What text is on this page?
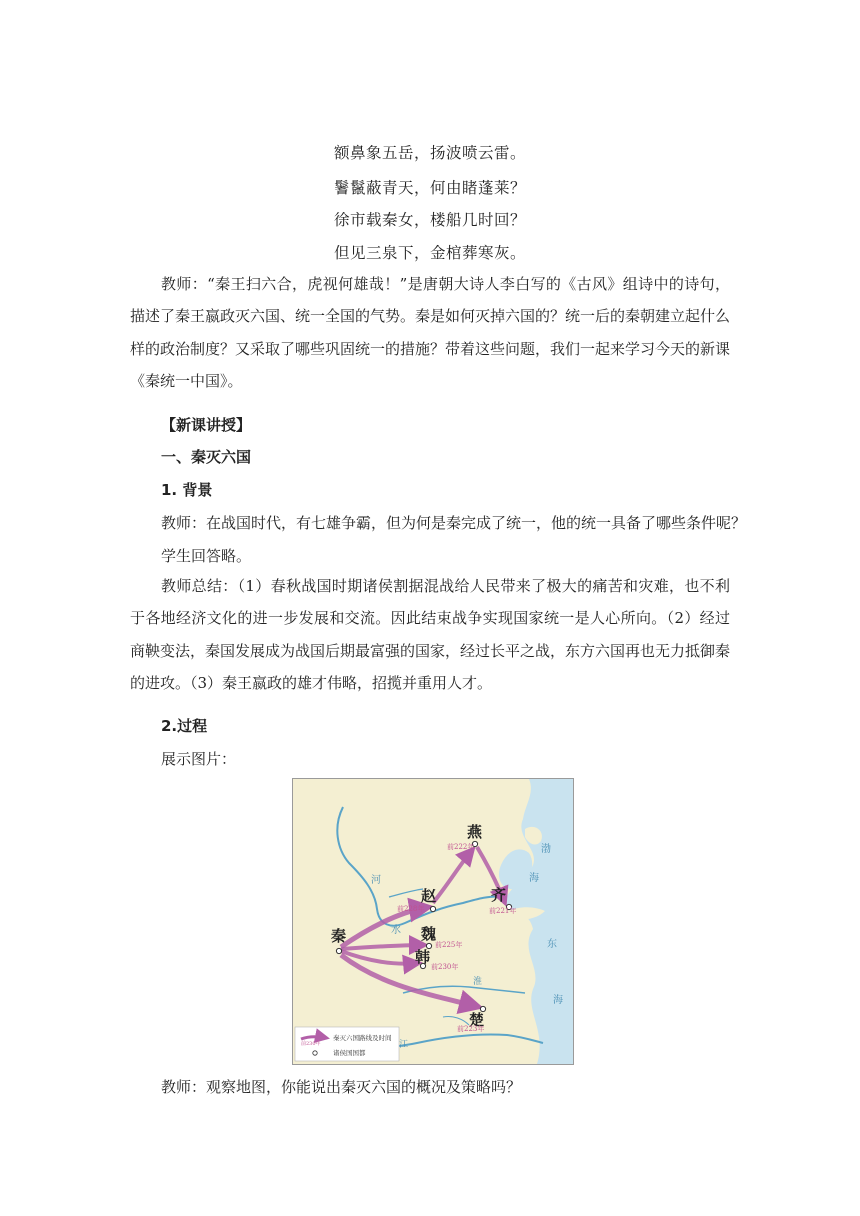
额鼻象五岳，扬波喷云雷。
鬐鬣蔽青天，何由睹蓬莱？
徐市载秦女，楼船几时回？
但见三泉下，金棺葬寒灰。

教师：“秦王扫六合，虎视何雄哉！”是唐朝大诗人李白写的《古风》组诗中的诗句，描述了秦王嬴政灭六国、统一全国的气势。秦是如何灭掉六国的？统一后的秦朝建立起什么样的政治制度？又采取了哪些巩固统一的措施？带着这些问题，我们一起来学习今天的新课《秦统一中国》。

【新课讲授】
一、秦灭六国
1. 背景
教师：在战国时代，有七雄争霸，但为何是秦完成了统一，他的统一具备了哪些条件呢？
学生回答略。

教师总结：（1）春秋战国时期诸侯割据混战给人民带来了极大的痛苦和灾难，也不利于各地经济文化的进一步发展和交流。因此结束战争实现国家统一是人心所向。（2）经过商鞅变法，秦国发展成为战国后期最富强的国家，经过长平之战，东方六国再也无力抵御秦的进攻。（3）秦王嬴政的雄才伟略，招揽并重用人才。

2.过程
展示图片：
秦
赵
魏
韩
燕
齐
楚
前222年
前228年
前225年
前230年
前221年
前223年
河
水
渤
海
东
海
淮
江
前230年
秦灭六国路线及时间
诸侯国国都
教师：观察地图，你能说出秦灭六国的概况及策略吗？
